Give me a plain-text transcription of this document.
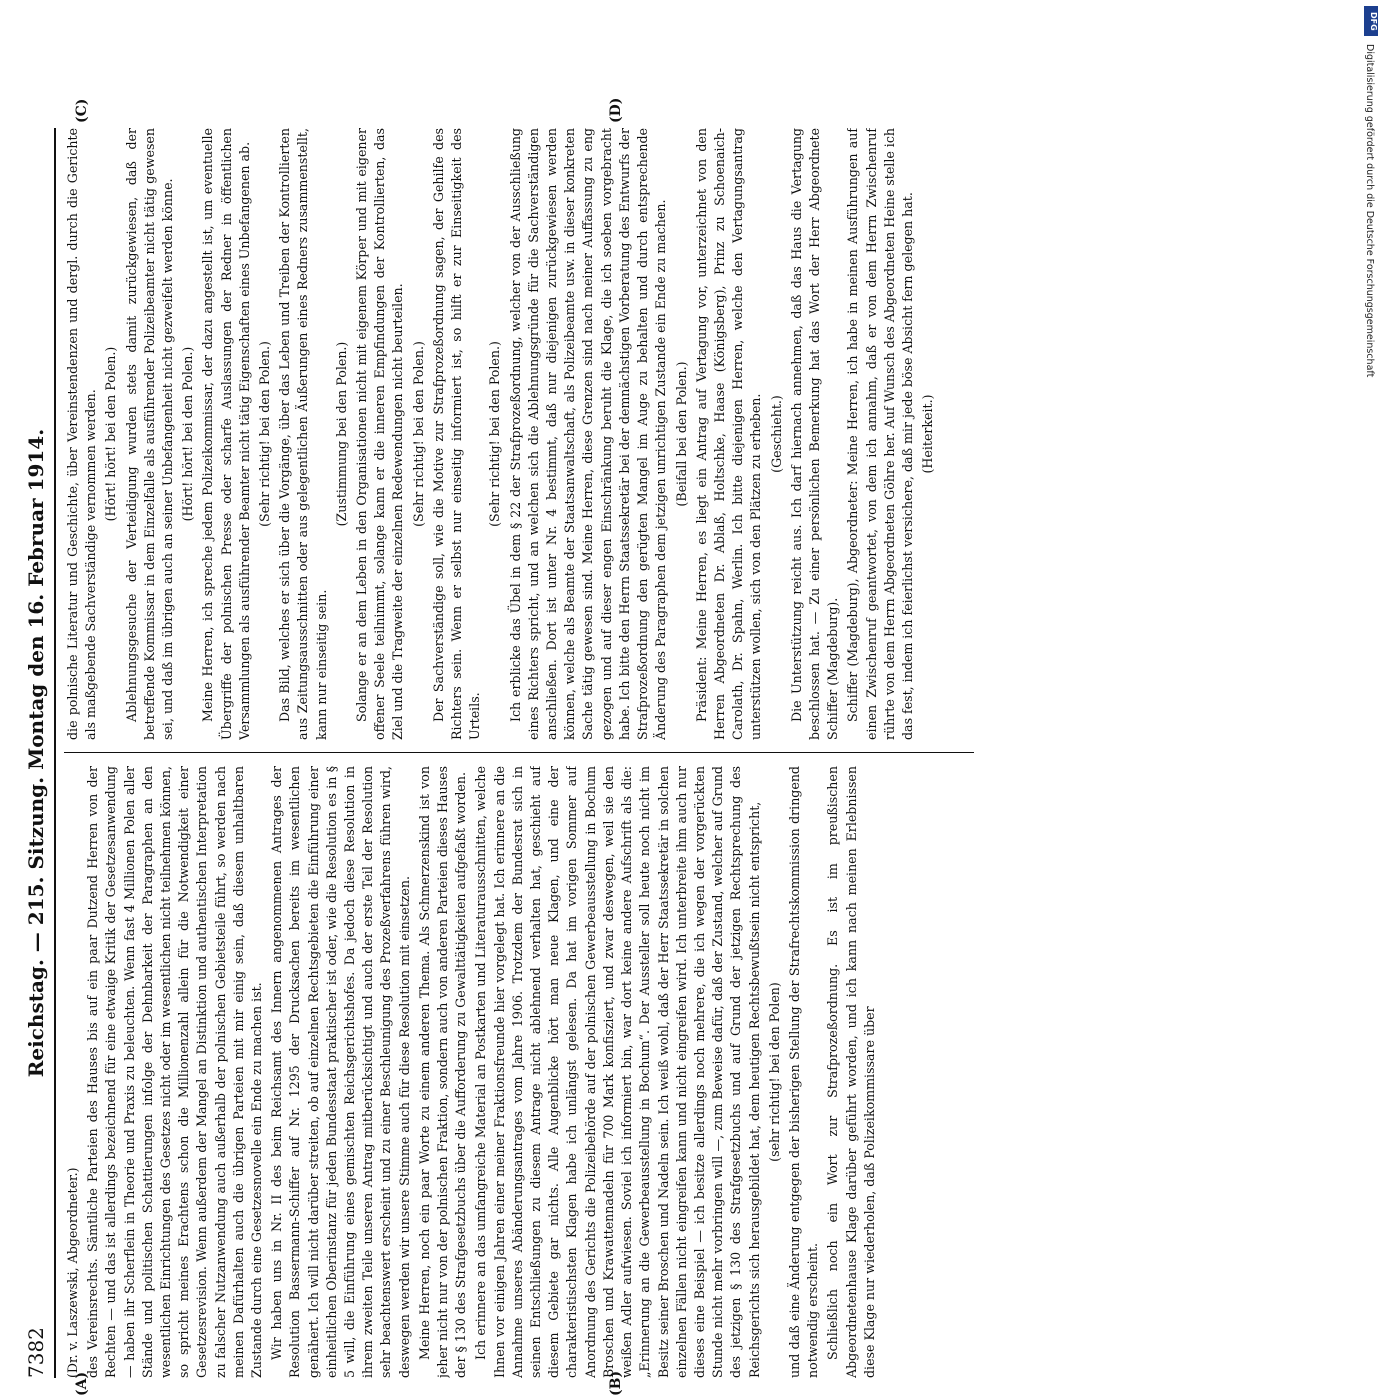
7382
Reichstag. — 215. Sitzung. Montag den 16. Februar 1914.
(A)	(B)
(C)	(D)

(Dr. v. Laszewski, Abgeordneter.) des Vereinsrechts. Sämtliche Parteien des Hauses bis auf ein paar Dutzend Herren von der Rechten — und das ist allerdings bezeichnend für eine etwaige Kritik der Gesetzesanwendung — haben ihr Scherflein in Theorie und Praxis zu beleuchten. Wenn fast 4 Millionen Polen aller Stände und politischen Schattierungen infolge der Dehnbarkeit der Paragraphen an den wesentlichen Einrichtungen des Gesetzes nicht oder im wesentlichen nicht teilnehmen können, so spricht meines Erachtens schon die Millionenzahl allein für die Notwendigkeit einer Gesetzesrevision. Wenn außerdem der Mangel an Distinktion und authentischen Interpretation zu falscher Nutzanwendung auch außerhalb der polnischen Gebietsteile führt, so werden nach meinen Dafürhalten auch die übrigen Parteien mit mir einig sein, daß diesem unhaltbaren Zustande durch eine Gesetzesnovelle ein Ende zu machen ist. Wir haben uns in Nr. II des beim Reichsamt des Innern angenommenen Antrages der Resolution Bassermann-Schiffer auf Nr. 1295 der Drucksachen bereits im wesentlichen genähert. Ich will nicht darüber streiten, ob auf einzelnen Rechtsgebieten die Einführung einer einheitlichen Oberinstanz für jeden Bundesstaat praktischer ist oder, wie die Resolution es in § 5 will, die Einführung eines gemischten Reichsgerichtshofes. Da jedoch diese Resolution in ihrem zweiten Teile unseren Antrag mitberücksichtigt und auch der erste Teil der Resolution sehr beachtenswert erscheint und zu einer Beschleunigung des Prozeßverfahrens führen wird, deswegen werden wir unsere Stimme auch für diese Resolution mit einsetzen. Meine Herren, noch ein paar Worte zu einem anderen Thema. Als Schmerzenskind ist von jeher nicht nur von der polnischen Fraktion, sondern auch von anderen Parteien dieses Hauses der § 130 des Strafgesetzbuchs über die Aufforderung zu Gewalttätigkeiten aufgefaßt worden. Ich erinnere an das umfangreiche Material an Postkarten und Literaturausschnitten, welche Ihnen vor einigen Jahren einer meiner Fraktionsfreunde hier vorgelegt hat. Ich erinnere an die Annahme unseres Abänderungsantrages vom Jahre 1906. Trotzdem der Bundesrat sich in seinen Entschließungen zu diesem Antrage nicht ablehnend verhalten hat, geschieht auf diesem Gebiete gar nichts. Alle Augenblicke hört man neue Klagen, und eine der charakteristischsten Klagen habe ich unlängst gelesen. Da hat im vorigen Sommer auf Anordnung des Gerichts die Polizeibehörde auf der polnischen Gewerbeausstellung in Bochum Broschen und Krawattennadeln für 700 Mark konfisziert, und zwar deswegen, weil sie den weißen Adler aufwiesen. Soviel ich informiert bin, war dort keine andere Aufschrift als die: „Erinnerung an die Gewerbeausstellung in Bochum“. Der Aussteller soll heute noch nicht im Besitz seiner Broschen und Nadeln sein. Ich weiß wohl, daß der Herr Staatssekretär in solchen einzelnen Fällen nicht eingreifen kann und nicht eingreifen wird. Ich unterbreite ihm auch nur dieses eine Beispiel — ich besitze allerdings noch mehrere, die ich wegen der vorgerückten Stunde nicht mehr vorbringen will —, zum Beweise dafür, daß der Zustand, welcher auf Grund des jetzigen § 130 des Strafgesetzbuchs und auf Grund der jetzigen Rechtsprechung des Reichsgerichts sich herausgebildet hat, dem heutigen Rechtsbewußtsein nicht entspricht, (sehr richtig! bei den Polen) und daß eine Änderung entgegen der bisherigen Stellung der Strafrechtskommission dringend notwendig erscheint. Schließlich noch ein Wort zur Strafprozeßordnung. Es ist im preußischen Abgeordnetenhause Klage darüber geführt worden, und ich kann nach meinen Erlebnissen diese Klage nur wiederholen, daß Polizeikommissare über

die polnische Literatur und Geschichte, über Vereinstendenzen und dergl. durch die Gerichte als maßgebende Sachverständige vernommen werden. (Hört! hört! bei den Polen.) Ablehnungsgesuche der Verteidigung wurden stets damit zurückgewiesen, daß der betreffende Kommissar in dem Einzelfalle als ausführender Polizeibeamter nicht tätig gewesen sei, und daß im übrigen auch an seiner Unbefangenheit nicht gezweifelt werden könne. (Hört! hört! bei den Polen.) Meine Herren, ich spreche jedem Polizeikommissar, der dazu angestellt ist, um eventuelle Übergriffe der polnischen Presse oder scharfe Auslassungen der Redner in öffentlichen Versammlungen als ausführender Beamter nicht tätig Eigenschaften eines Unbefangenen ab. (Sehr richtig! bei den Polen.) Das Bild, welches er sich über die Vorgänge, über das Leben und Treiben der Kontrollierten aus Zeitungsausschnitten oder aus gelegentlichen Äußerungen eines Redners zusammenstellt, kann nur einseitig sein.

(Zustimmung bei den Polen.) Solange er an dem Leben in den Organisationen nicht mit eigenem Körper und mit eigener offener Seele teilnimmt, solange kann er die inneren Empfindungen der Kontrollierten, das Ziel und die Tragweite der einzelnen Redewendungen nicht beurteilen. (Sehr richtig! bei den Polen.) Der Sachverständige soll, wie die Motive zur Strafprozeßordnung sagen, der Gehilfe des Richters sein. Wenn er selbst nur einseitig informiert ist, so hilft er zur Einseitigkeit des Urteils.

(Sehr richtig! bei den Polen.) Ich erblicke das Übel in dem § 22 der Strafprozeßordnung, welcher von der Ausschließung eines Richters spricht, und an welchen sich die Ablehnungsgründe für die Sachverständigen anschließen. Dort ist unter Nr. 4 bestimmt, daß nur diejenigen zurückgewiesen werden können, welche als Beamte der Staatsanwaltschaft, als Polizeibeamte usw. in dieser konkreten Sache tätig gewesen sind. Meine Herren, diese Grenzen sind nach meiner Auffassung zu eng gezogen und auf dieser engen Einschränkung beruht die Klage, die ich soeben vorgebracht habe. Ich bitte den Herrn Staatssekretär bei der demnächstigen Vorberatung des Entwurfs der Strafprozeßordnung den gerügten Mangel im Auge zu behalten und durch entsprechende Änderung des Paragraphen dem jetzigen unrichtigen Zustande ein Ende zu machen. (Beifall bei den Polen.) Präsident: Meine Herren, es liegt ein Antrag auf Vertagung vor, unterzeichnet von den Herren Abgeordneten Dr. Ablaß, Holtschke, Haase (Königsberg), Prinz zu Schoenaich-Carolath, Dr. Spahn, Werlin. Ich bitte diejenigen Herren, welche den Vertagungsantrag unterstützen wollen, sich von den Plätzen zu erheben. (Geschieht.) Die Unterstützung reicht aus. Ich darf hiernach annehmen, daß das Haus die Vertagung beschlossen hat. — Zu einer persönlichen Bemerkung hat das Wort der Herr Abgeordnete Schiffer (Magdeburg). Schiffer (Magdeburg), Abgeordneter: Meine Herren, ich habe in meinen Ausführungen auf einen Zwischenruf geantwortet, von dem ich annahm, daß er von dem Herrn Zwischenruf rührte von dem Herrn Abgeordneten Göhre her. Auf Wunsch des Abgeordneten Heine stelle ich das fest, indem ich feierlichst versichere, daß mir jede böse Absicht fern gelegen hat. (Heiterkeit.)

DFG
Digitalisierung gefördert durch die Deutsche Forschungsgemeinschaft
